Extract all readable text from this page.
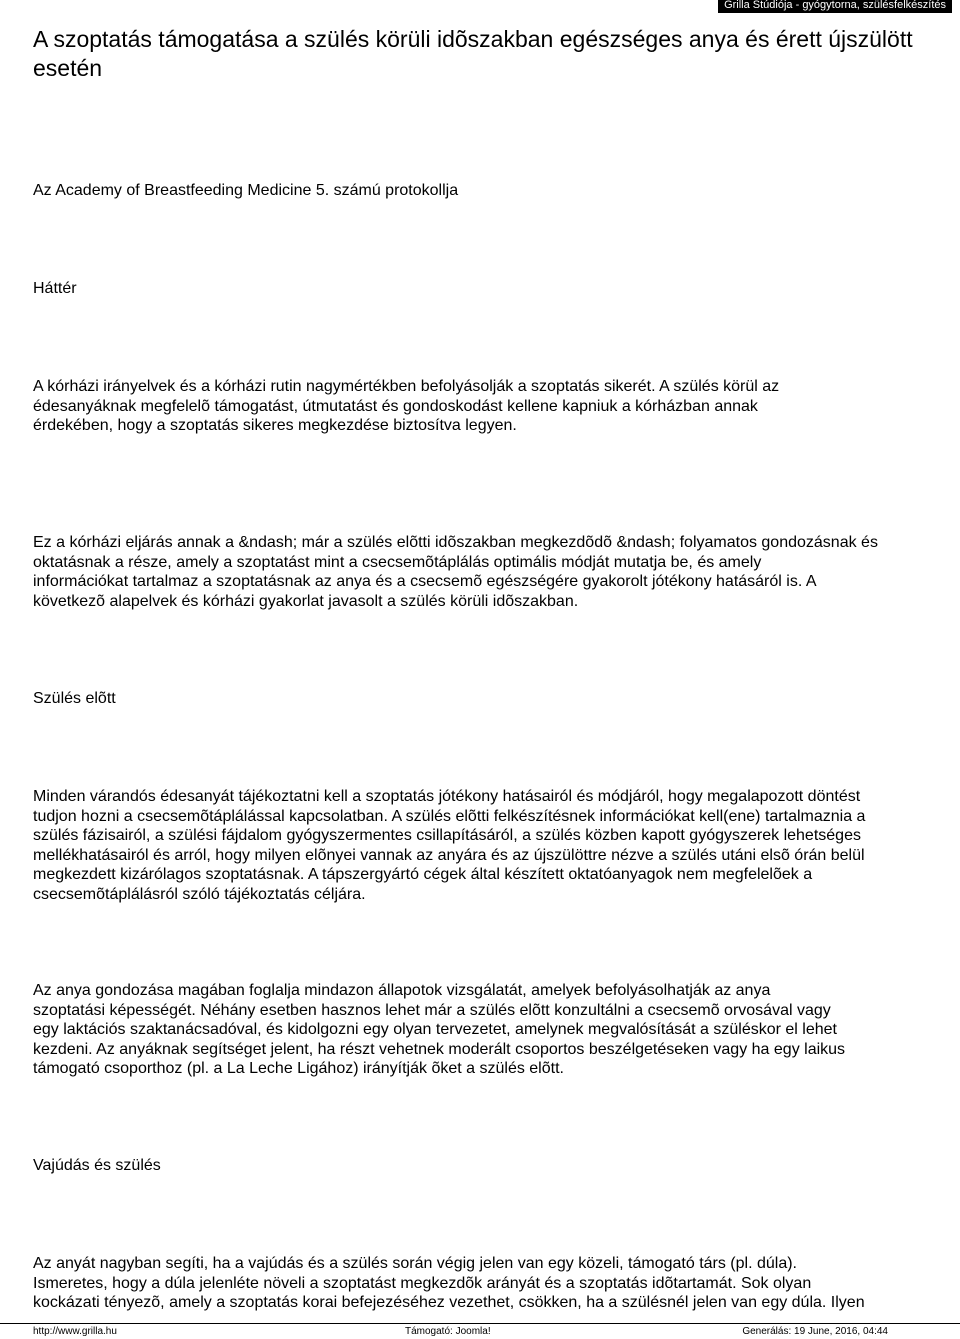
Grilla Stúdiója - gyógytorna, szülésfelkészítés
A szoptatás támogatása a szülés körüli idõszakban egészséges anya és érett újszülött esetén

Az Academy of Breastfeeding Medicine 5. számú protokollja

Háttér

A kórházi irányelvek és a kórházi rutin nagymértékben befolyásolják a szoptatás sikerét. A szülés körül az
édesanyáknak megfelelõ támogatást, útmutatást és gondoskodást kellene kapniuk a kórházban annak
érdekében, hogy a szoptatás sikeres megkezdése biztosítva legyen.

Ez a kórházi eljárás annak a &ndash; már a szülés elõtti idõszakban megkezdõdõ &ndash; folyamatos gondozásnak és
oktatásnak a része, amely a szoptatást mint a csecsemõtáplálás optimális módját mutatja be, és amely
információkat tartalmaz a szoptatásnak az anya és a csecsemõ egészségére gyakorolt jótékony hatásáról is. A
következõ alapelvek és kórházi gyakorlat javasolt a szülés körüli idõszakban.

Szülés elõtt

Minden várandós édesanyát tájékoztatni kell a szoptatás jótékony hatásairól és módjáról, hogy megalapozott döntést
tudjon hozni a csecsemõtáplálással kapcsolatban. A szülés elõtti felkészítésnek információkat kell(ene) tartalmaznia a
szülés fázisairól, a szülési fájdalom gyógyszermentes csillapításáról, a szülés közben kapott gyógyszerek lehetséges
mellékhatásairól és arról, hogy milyen elõnyei vannak az anyára és az újszülöttre nézve a szülés utáni elsõ órán belül
megkezdett kizárólagos szoptatásnak. A tápszergyártó cégek által készített oktatóanyagok nem megfelelõek a
csecsemõtáplálásról szóló tájékoztatás céljára.

Az anya gondozása magában foglalja mindazon állapotok vizsgálatát, amelyek befolyásolhatják az anya
szoptatási képességét. Néhány esetben hasznos lehet már a szülés elõtt konzultálni a csecsemõ orvosával vagy
egy laktációs szaktanácsadóval, és kidolgozni egy olyan tervezetet, amelynek megvalósítását a szüléskor el lehet
kezdeni. Az anyáknak segítséget jelent, ha részt vehetnek moderált csoportos beszélgetéseken vagy ha egy laikus
támogató csoporthoz (pl. a La Leche Ligához) irányítják õket a szülés elõtt.

Vajúdás és szülés

Az anyát nagyban segíti, ha a vajúdás és a szülés során végig jelen van egy közeli, támogató társ (pl. dúla).
Ismeretes, hogy a dúla jelenléte növeli a szoptatást megkezdõk arányát és a szoptatás idõtartamát. Sok olyan
kockázati tényezõ, amely a szoptatás korai befejezéséhez vezethet, csökken, ha a szülésnél jelen van egy dúla. Ilyen

http://www.grilla.hu	Támogató: Joomla!	Generálás: 19 June, 2016, 04:44
